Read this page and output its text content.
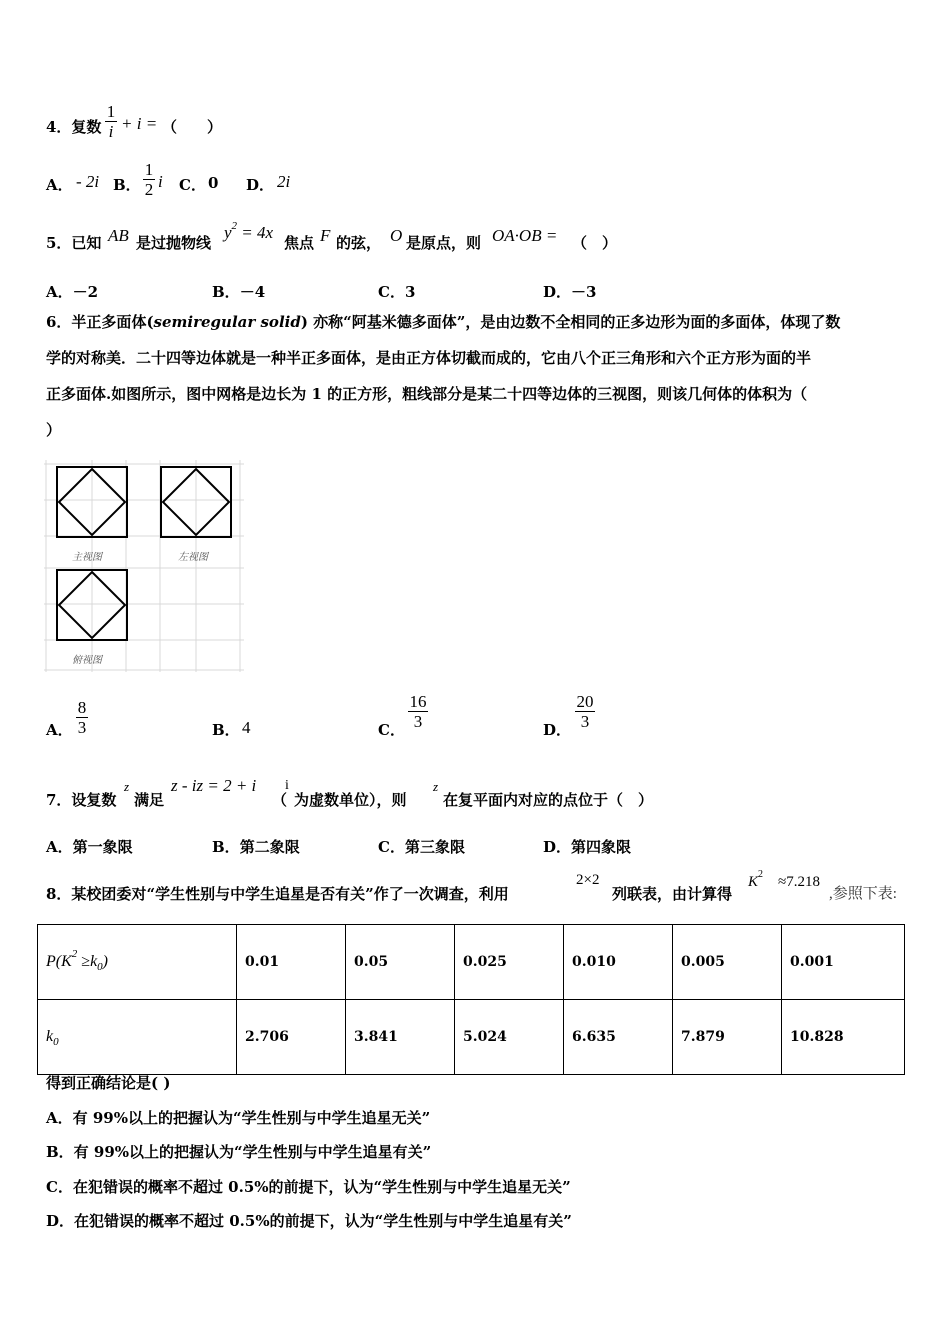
4．复数
1
i + i = （　　）
A． - 2i B．
1
2 i C． 0 D． 2i
5．已知 AB 是过抛物线
$y^2 = 4x$
焦点 F 的弦， O 是原点，则 OA·OB = （　）
A．－2	B．－4	C．3	D．－3
6．半正多面体(semiregular solid) 亦称“阿基米德多面体”，是由边数不全相同的正多边形为面的多面体，体现了数
学的对称美．二十四等边体就是一种半正多面体，是由正方体切截而成的，它由八个正三角形和六个正方形为面的半
正多面体.如图所示，图中网格是边长为 1 的正方形，粗线部分是某二十四等边体的三视图，则该几何体的体积为（
）
主视图	左视图
俯视图
A．
8
3	B． 4	C．
16
3	D．
20
3
7．设复数
z
满足
z - iz = 2 + i
（
i
为虚数单位），则
z
在复平面内对应的点位于（　）
A．第一象限	B．第二象限	C．第三象限	D．第四象限
8．某校团委对“学生性别与中学生追星是否有关”作了一次调查，利用
2×2
列联表，由计算得
$K^2$　 ≈7.218
,参照下表:
$P(K^2 \ge k_0)$	0.01	0.05	0.025	0.010	0.005	0.001
$k_0$	2.706	3.841	5.024	6.635	7.879	10.828
得到正确结论是( )
A．有 99%以上的把握认为“学生性别与中学生追星无关”
B．有 99%以上的把握认为“学生性别与中学生追星有关”
C．在犯错误的概率不超过 0.5%的前提下，认为“学生性别与中学生追星无关”
D．在犯错误的概率不超过 0.5%的前提下，认为“学生性别与中学生追星有关”
